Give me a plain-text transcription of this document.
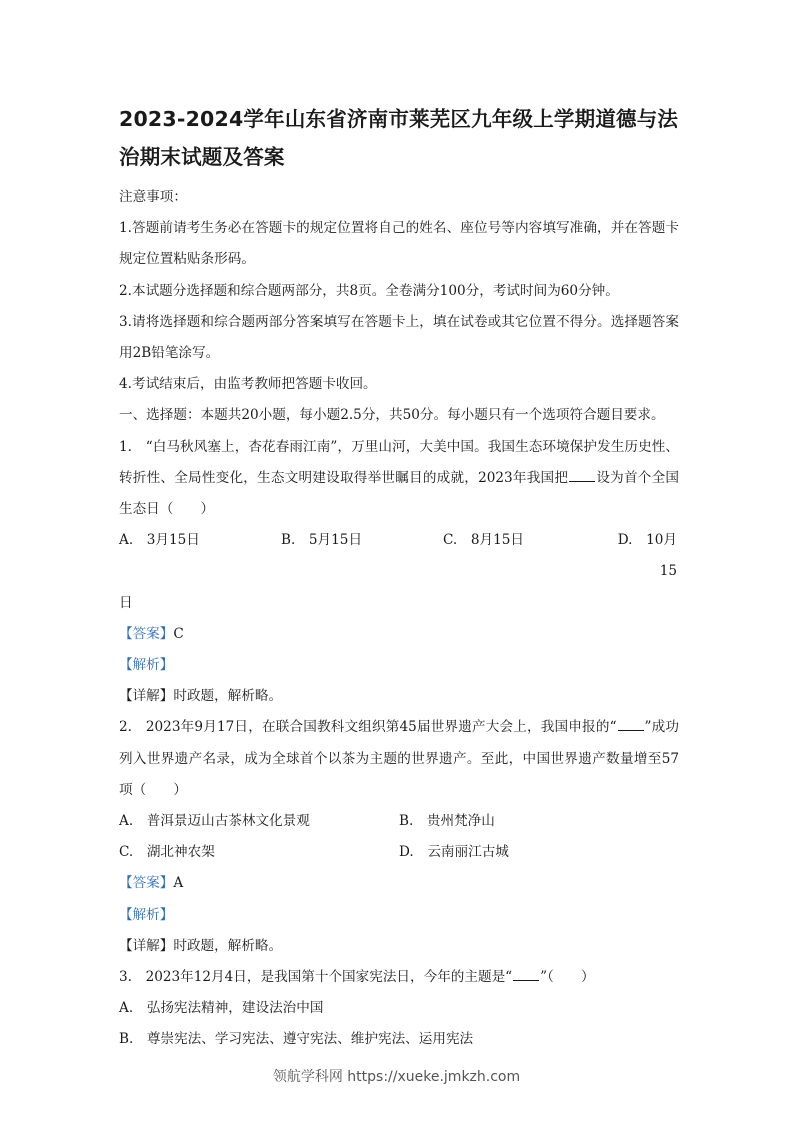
2023-2024学年山东省济南市莱芜区九年级上学期道德与法治期末试题及答案

注意事项：

1.答题前请考生务必在答题卡的规定位置将自己的姓名、座位号等内容填写准确，并在答题卡规定位置粘贴条形码。

2.本试题分选择题和综合题两部分，共8页。全卷满分100分，考试时间为60分钟。

3.请将选择题和综合题两部分答案填写在答题卡上，填在试卷或其它位置不得分。选择题答案用2B铅笔涂写。

4.考试结束后，由监考教师把答题卡收回。

一、选择题：本题共20小题，每小题2.5分，共50分。每小题只有一个选项符合题目要求。

1.　“白马秋风塞上，杏花春雨江南”，万里山河，大美中国。我国生态环境保护发生历史性、转折性、全局性变化，生态文明建设取得举世瞩目的成就，2023年我国把 设为首个全国生态日（　　）

A.　3月15日	B.　5月15日	C.　8月15日	D.　10月15

日

【答案】C

【解析】

【详解】时政题，解析略。

2.　2023年9月17日，在联合国教科文组织第45届世界遗产大会上，我国申报的“ ”成功列入世界遗产名录，成为全球首个以茶为主题的世界遗产。至此，中国世界遗产数量增至57项（　　）

A.　普洱景迈山古茶林文化景观	B.　贵州梵净山
C.　湖北神农架	D.　云南丽江古城

【答案】A

【解析】

【详解】时政题，解析略。

3.　2023年12月4日，是我国第十个国家宪法日，今年的主题是“ ”（　　）

A.　弘扬宪法精神，建设法治中国

B.　尊崇宪法、学习宪法、遵守宪法、维护宪法、运用宪法

领航学科网 https://xueke.jmkzh.com
